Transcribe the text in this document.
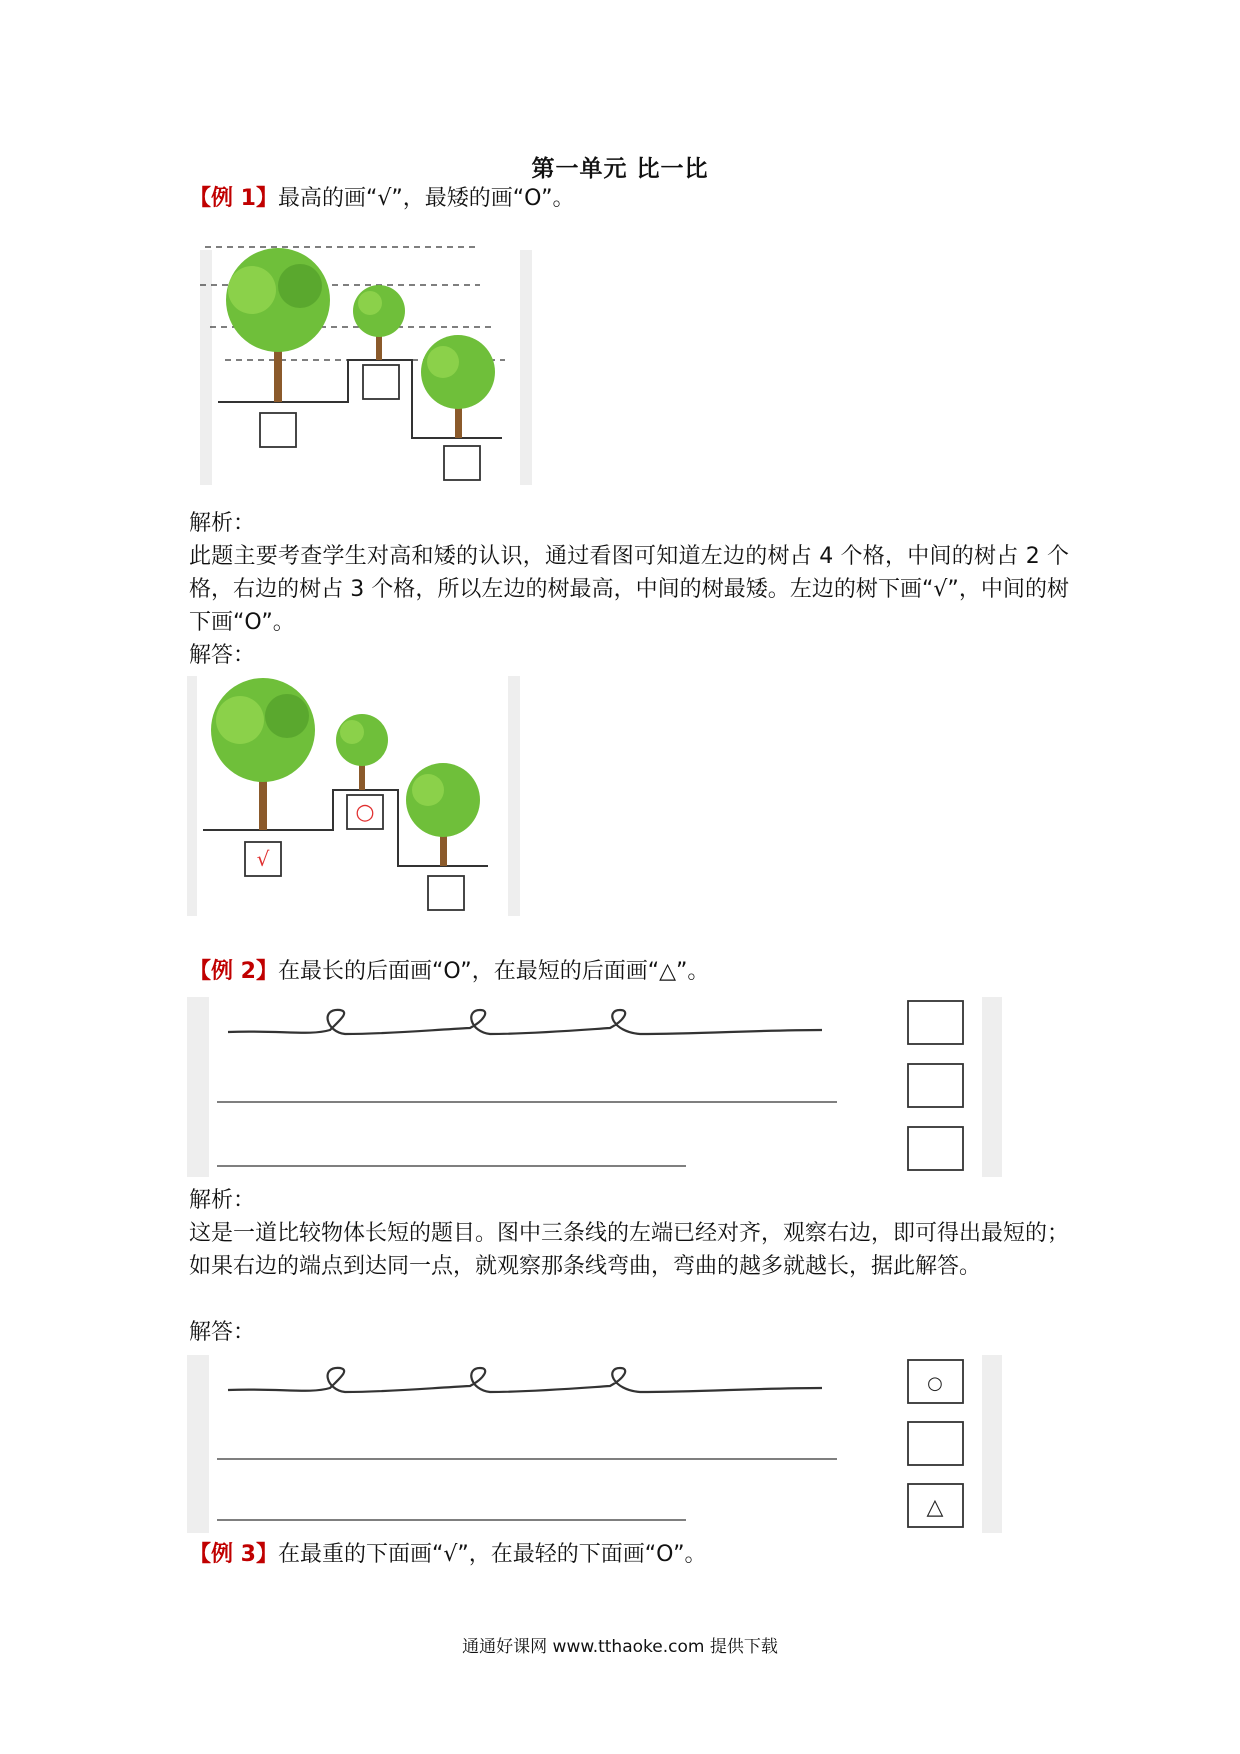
第一单元 比一比
【例 1】最高的画“√”，最矮的画“O”。
解析：
此题主要考查学生对高和矮的认识，通过看图可知道左边的树占 4 个格，中间的树占 2 个格，右边的树占 3 个格，所以左边的树最高，中间的树最矮。左边的树下画“√”，中间的树下画“O”。
解答：
√
○
【例 2】在最长的后面画“O”，在最短的后面画“△”。
解析：
这是一道比较物体长短的题目。图中三条线的左端已经对齐，观察右边，即可得出最短的；如果右边的端点到达同一点，就观察那条线弯曲，弯曲的越多就越长，据此解答。
解答：
○
△
【例 3】在最重的下面画“√”，在最轻的下面画“O”。
通通好课网 www.tthaoke.com 提供下载
